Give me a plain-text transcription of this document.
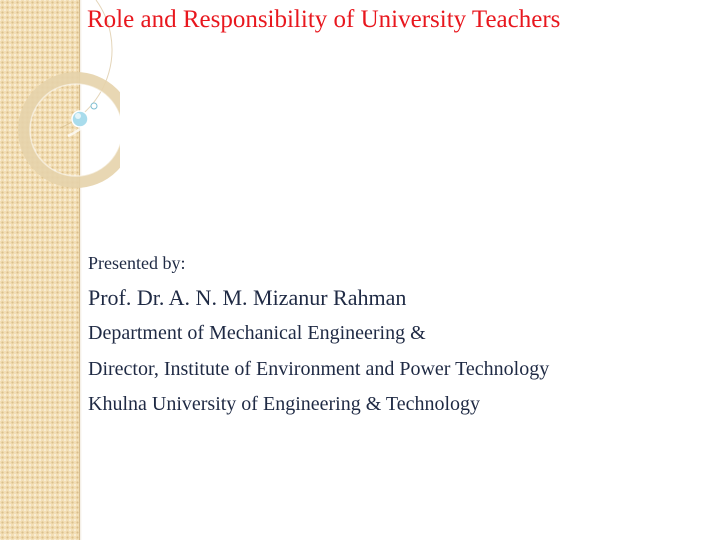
Role and Responsibility of University Teachers

Presented by:

Prof. Dr. A. N. M. Mizanur Rahman

Department of Mechanical Engineering &

Director, Institute of Environment and Power Technology

Khulna University of Engineering & Technology
